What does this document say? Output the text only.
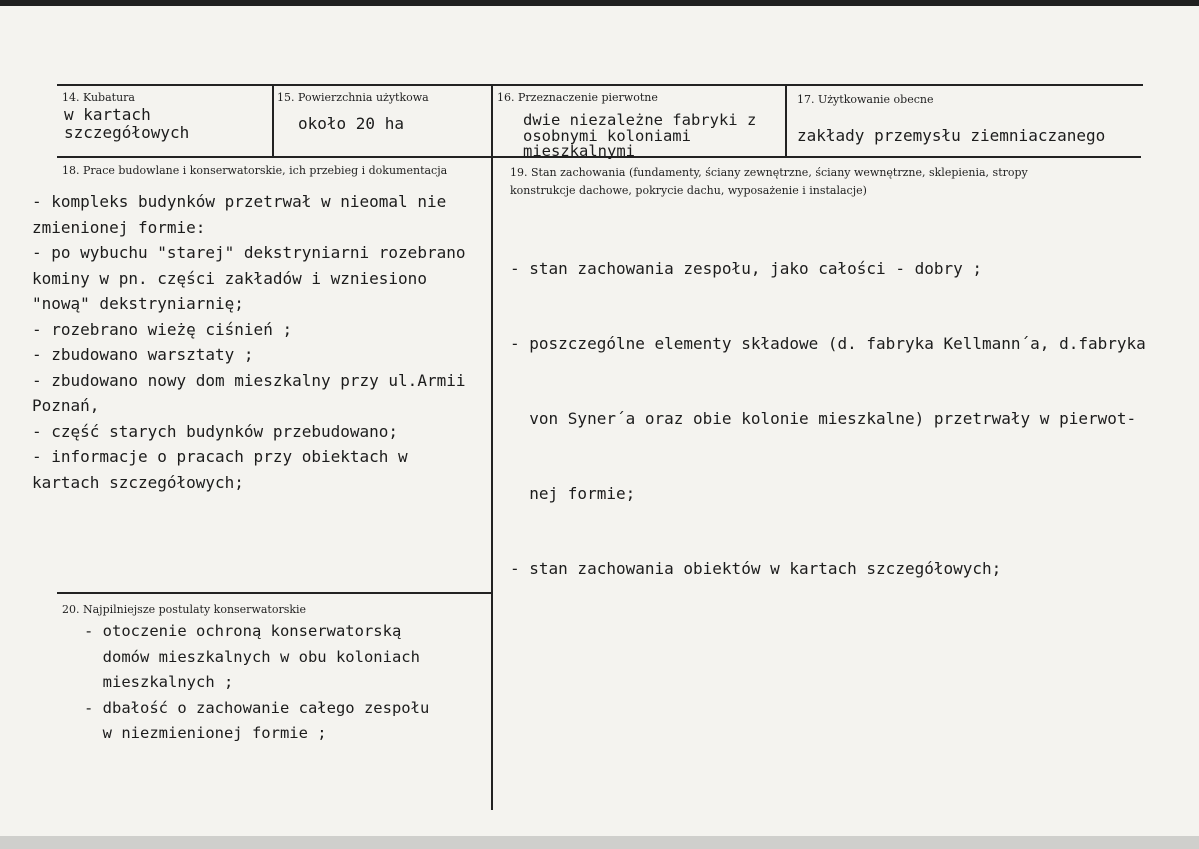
14. Kubatura
w kartach
szczegółowych
15. Powierzchnia użytkowa
około 20 ha
16. Przeznaczenie pierwotne
dwie niezależne fabryki z
osobnymi koloniami
mieszkalnymi
17. Użytkowanie obecne
zakłady przemysłu ziemniaczanego
18. Prace budowlane i konserwatorskie, ich przebieg i dokumentacja
- kompleks budynków przetrwał w nieomal nie
zmienionej formie:
- po wybuchu "starej" dekstryniarni rozebrano
kominy w pn. części zakładów i wzniesiono
"nową" dekstryniarnię;
- rozebrano wieżę ciśnień ;
- zbudowano warsztaty ;
- zbudowano nowy dom mieszkalny przy ul.Armii
Poznań,
- część starych budynków przebudowano;
- informacje o pracach przy obiektach w
kartach szczegółowych;
19. Stan zachowania (fundamenty, ściany zewnętrzne, ściany wewnętrzne, sklepienia, stropy
konstrukcje dachowe, pokrycie dachu, wyposażenie i instalacje)

- stan zachowania zespołu, jako całości - dobry ;

- poszczególne elementy składowe (d. fabryka Kellmann´a, d.fabryka

von Syner´a oraz obie kolonie mieszkalne) przetrwały w pierwot-

nej formie;

- stan zachowania obiektów w kartach szczegółowych;

20. Najpilniejsze postulaty konserwatorskie
- otoczenie ochroną konserwatorską
domów mieszkalnych w obu koloniach
mieszkalnych ;
- dbałość o zachowanie całego zespołu
w niezmienionej formie ;
